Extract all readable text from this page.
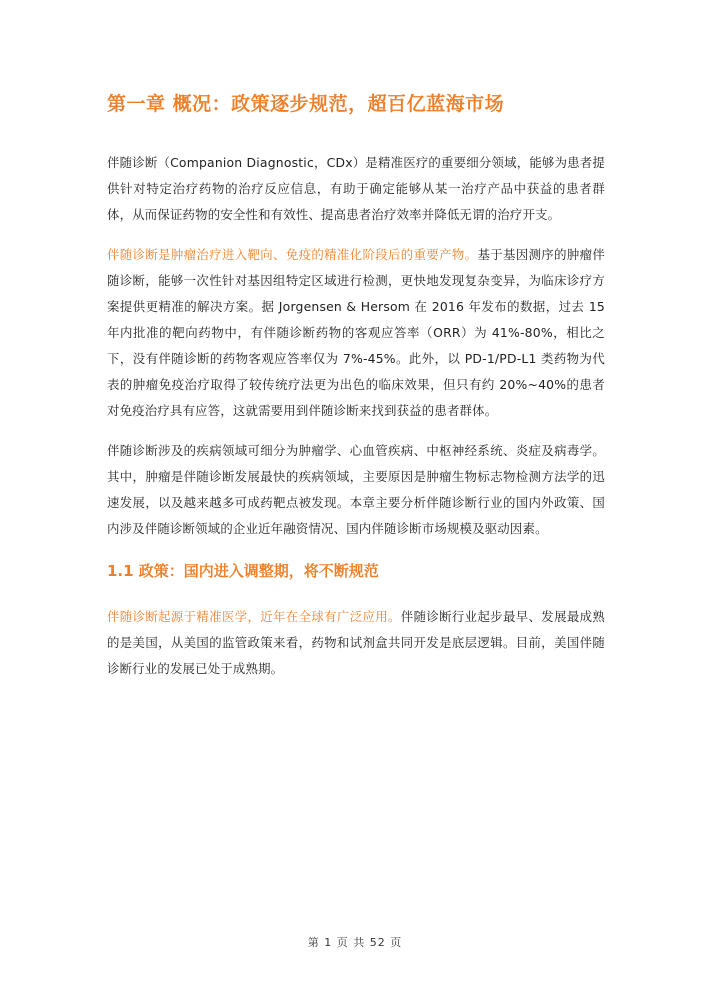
第一章 概况：政策逐步规范，超百亿蓝海市场

伴随诊断（Companion Diagnostic，CDx）是精准医疗的重要细分领域，能够为患者提供针对特定治疗药物的治疗反应信息，有助于确定能够从某一治疗产品中获益的患者群体，从而保证药物的安全性和有效性、提高患者治疗效率并降低无谓的治疗开支。

伴随诊断是肿瘤治疗进入靶向、免疫的精准化阶段后的重要产物。基于基因测序的肿瘤伴随诊断，能够一次性针对基因组特定区域进行检测，更快地发现复杂变异，为临床诊疗方案提供更精准的解决方案。据 Jorgensen & Hersom 在 2016 年发布的数据，过去 15 年内批准的靶向药物中，有伴随诊断药物的客观应答率（ORR）为 41%-80%，相比之下，没有伴随诊断的药物客观应答率仅为 7%-45%。此外，以 PD-1/PD-L1 类药物为代表的肿瘤免疫治疗取得了较传统疗法更为出色的临床效果，但只有约 20%~40%的患者对免疫治疗具有应答，这就需要用到伴随诊断来找到获益的患者群体。

伴随诊断涉及的疾病领域可细分为肿瘤学、心血管疾病、中枢神经系统、炎症及病毒学。其中，肿瘤是伴随诊断发展最快的疾病领域，主要原因是肿瘤生物标志物检测方法学的迅速发展，以及越来越多可成药靶点被发现。本章主要分析伴随诊断行业的国内外政策、国内涉及伴随诊断领域的企业近年融资情况、国内伴随诊断市场规模及驱动因素。

1.1 政策：国内进入调整期，将不断规范

伴随诊断起源于精准医学，近年在全球有广泛应用。伴随诊断行业起步最早、发展最成熟的是美国，从美国的监管政策来看，药物和试剂盒共同开发是底层逻辑。目前，美国伴随诊断行业的发展已处于成熟期。

第 1 页 共 52 页
